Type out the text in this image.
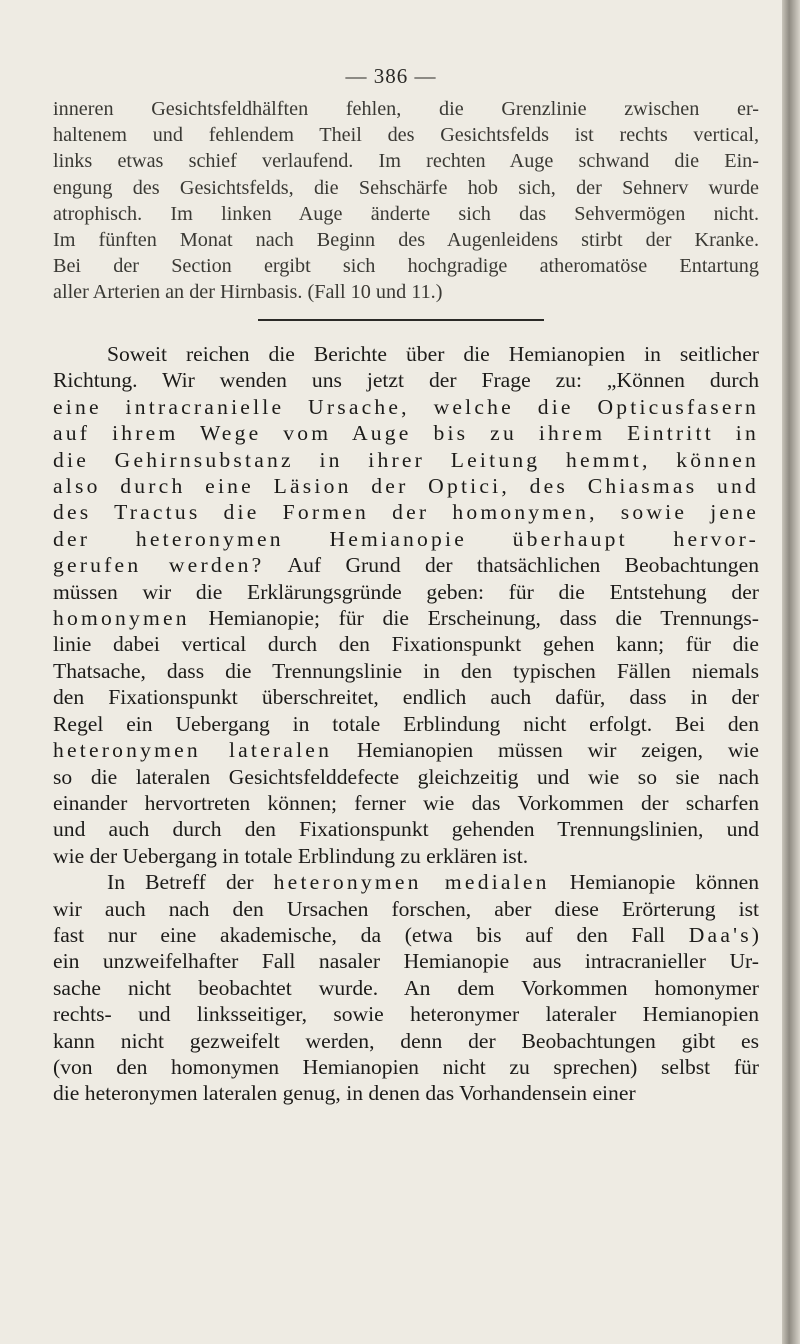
— 386 —
inneren Gesichtsfeldhälften fehlen, die Grenzlinie zwischen er-
haltenem und fehlendem Theil des Gesichtsfelds ist rechts vertical,
links etwas schief verlaufend. Im rechten Auge schwand die Ein-
engung des Gesichtsfelds, die Sehschärfe hob sich, der Sehnerv wurde
atrophisch. Im linken Auge änderte sich das Sehvermögen nicht.
Im fünften Monat nach Beginn des Augenleidens stirbt der Kranke.
Bei der Section ergibt sich hochgradige atheromatöse Entartung
aller Arterien an der Hirnbasis. (Fall 10 und 11.)
Soweit reichen die Berichte über die Hemianopien in seitlicher
Richtung. Wir wenden uns jetzt der Frage zu: „Können durch
eine intracranielle Ursache, welche die Opticusfasern
auf ihrem Wege vom Auge bis zu ihrem Eintritt in
die Gehirnsubstanz in ihrer Leitung hemmt, können
also durch eine Läsion der Optici, des Chiasmas und
des Tractus die Formen der homonymen, sowie jene
der heteronymen Hemianopie überhaupt hervor-
gerufen werden? Auf Grund der thatsächlichen Beobachtungen
müssen wir die Erklärungsgründe geben: für die Entstehung der
homonymen Hemianopie; für die Erscheinung, dass die Trennungs-
linie dabei vertical durch den Fixationspunkt gehen kann; für die
Thatsache, dass die Trennungslinie in den typischen Fällen niemals
den Fixationspunkt überschreitet, endlich auch dafür, dass in der
Regel ein Uebergang in totale Erblindung nicht erfolgt. Bei den
heteronymen lateralen Hemianopien müssen wir zeigen, wie
so die lateralen Gesichtsfelddefecte gleichzeitig und wie so sie nach
einander hervortreten können; ferner wie das Vorkommen der scharfen
und auch durch den Fixationspunkt gehenden Trennungslinien, und
wie der Uebergang in totale Erblindung zu erklären ist.
In Betreff der heteronymen medialen Hemianopie können
wir auch nach den Ursachen forschen, aber diese Erörterung ist
fast nur eine akademische, da (etwa bis auf den Fall Daa's)
ein unzweifelhafter Fall nasaler Hemianopie aus intracranieller Ur-
sache nicht beobachtet wurde. An dem Vorkommen homonymer
rechts- und linksseitiger, sowie heteronymer lateraler Hemianopien
kann nicht gezweifelt werden, denn der Beobachtungen gibt es
(von den homonymen Hemianopien nicht zu sprechen) selbst für
die heteronymen lateralen genug, in denen das Vorhandensein einer
